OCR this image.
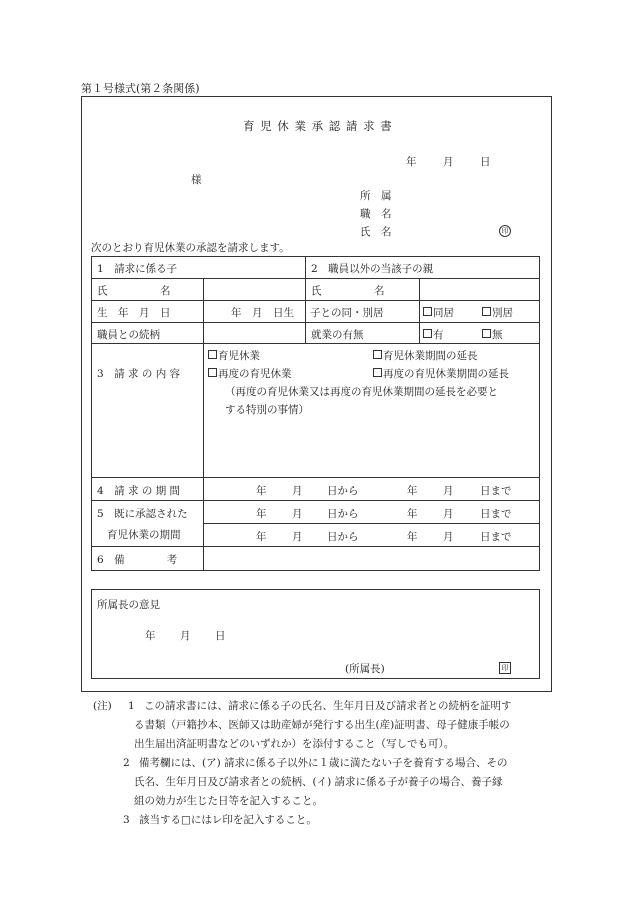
第１号様式(第２条関係)
育 児 休 業 承 認 請 求 書
年	月	日
様
所　属
職　名
氏　名	印
次のとおり育児休業の承認を請求します。
1　請求に係る子	2　職員以外の当該子の親
氏　　　　　名	氏　　　　　名
生　年　月　日	年　月　日生 子との同・別居	同居	別居
職員との続柄	就業の有無	有	無
3　請 求 の 内 容
育児休業	育児休業期間の延長
再度の育児休業	再度の育児休業期間の延長
（再度の育児休業又は再度の育児休業期間の延長を必要と
する特別の事情）
4　請 求 の 期 間	年 月 日から	年 月	日まで
5　既に承認された
育児休業の期間
年 月 日から	年 月	日まで
年 月 日から	年 月	日まで
6　備　　　　考
所属長の意見
年 月 日
(所属長)	印
(注) 1 この請求書には、請求に係る子の氏名、生年月日及び請求者との続柄を証明す
る書類（戸籍抄本、医師又は助産婦が発行する出生(産)証明書、母子健康手帳の
出生届出済証明書などのいずれか）を添付すること（写しでも可）。
2 備考欄には、(ア) 請求に係る子以外に１歳に満たない子を養育する場合、その
氏名、生年月日及び請求者との続柄、(イ) 請求に係る子が養子の場合、養子縁
組の効力が生じた日等を記入すること。
3 該当する□にはレ印を記入すること。
